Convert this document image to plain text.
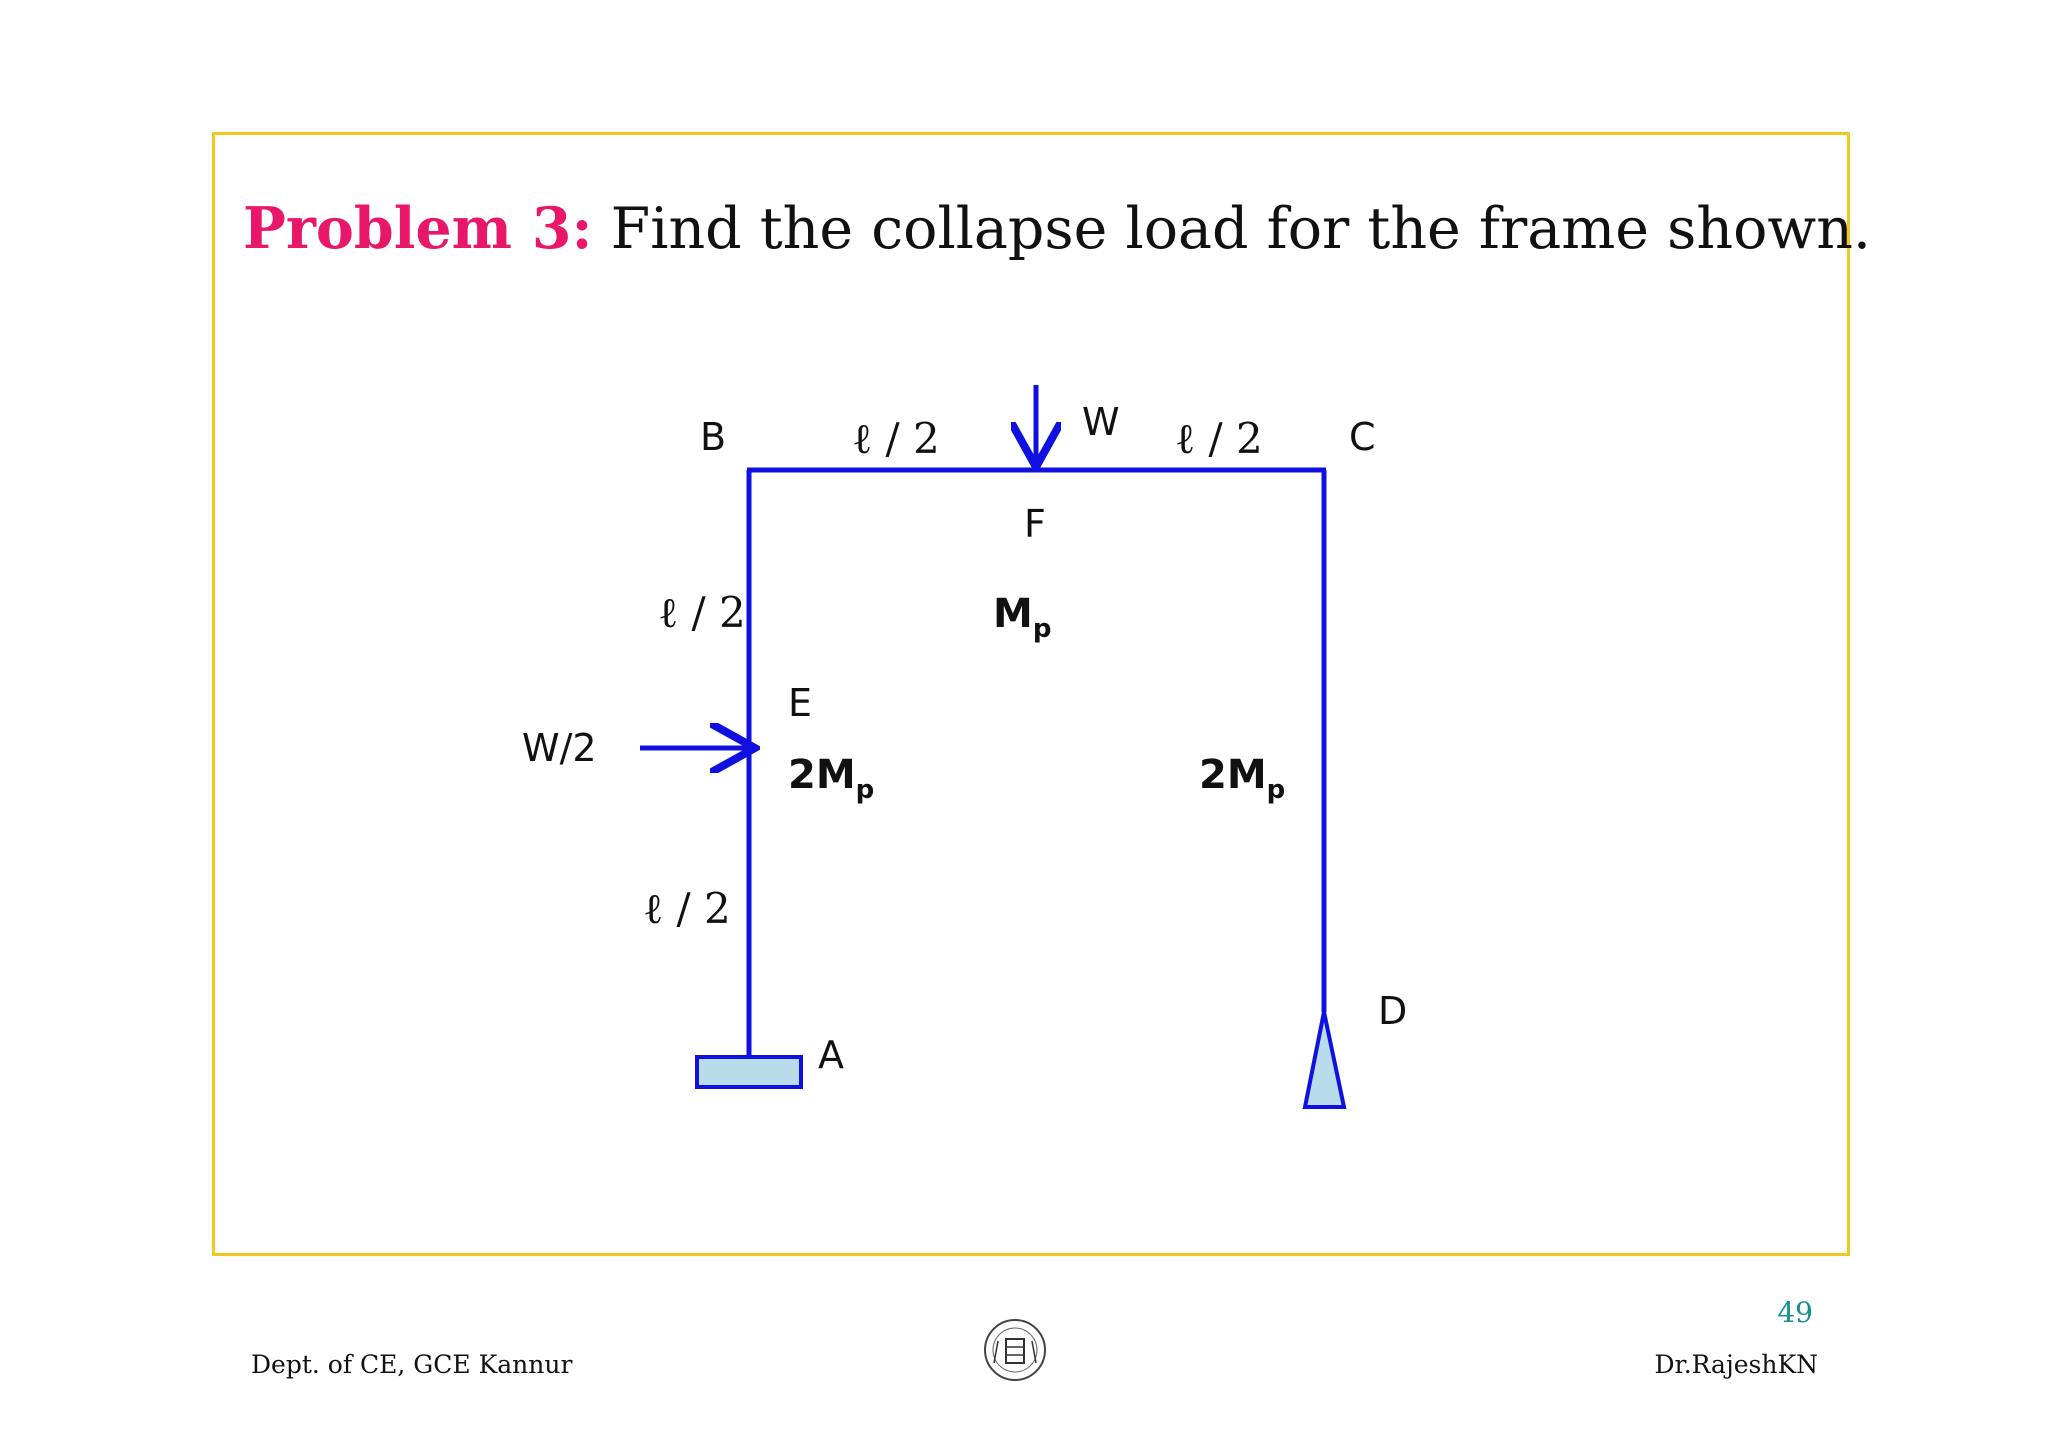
Problem 3: Find the collapse load for the frame shown.
B	C
F
E
A
D
W
W/2
ℓ / 2	ℓ / 2
ℓ / 2
ℓ / 2
$M_p$
$2M_p$	$2M_p$
49
Dept. of CE, GCE Kannur	Dr.RajeshKN
